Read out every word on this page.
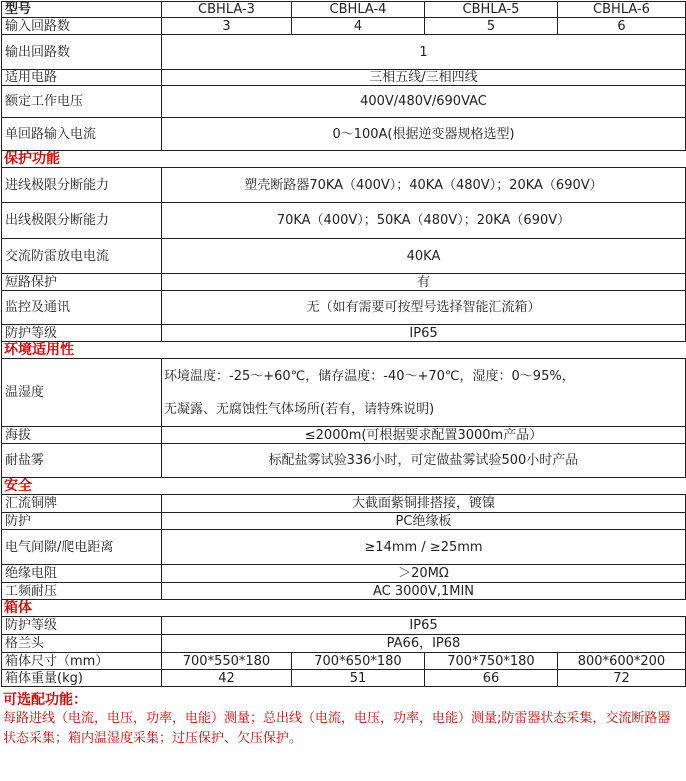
型号	CBHLA-3	CBHLA-4	CBHLA-5	CBHLA-6
输入回路数	3	4	5	6
输出回路数	1			
适用电路	三相五线/三相四线			
额定工作电压	400V/480V/690VAC			
单回路输入电流	0～100A(根据逆变器规格选型)			
保护功能				
进线极限分断能力	塑壳断路器70KA（400V）；40KA（480V）；20KA（690V）			
出线极限分断能力	70KA（400V）；50KA（480V）；20KA（690V）			
交流防雷放电电流	40KA			
短路保护	有			
监控及通讯	无（如有需要可按型号选择智能汇流箱）			
防护等级	IP65			
环境适用性				
温湿度	环境温度：-25～+60℃，储存温度：-40～+70℃，湿度：0～95%，
无凝露、无腐蚀性气体场所(若有，请特殊说明)			

海拔	≤2000m(可根据要求配置3000m产品）			
耐盐雾	标配盐雾试验336小时，可定做盐雾试验500小时产品			
安全				
汇流铜牌	大截面紫铜排搭接，镀镍			
防护	PC绝缘板			
电气间隙/爬电距离	≥14mm / ≥25mm			
绝缘电阻	＞20MΩ			
工频耐压	AC 3000V,1MIN			
箱体				
防护等级	IP65			
格兰头	PA66，IP68			
箱体尺寸（mm）	700*550*180	700*650*180	700*750*180	800*600*200
箱体重量(kg)	42	51	66	72
可选配功能：
每路进线（电流，电压，功率，电能）测量；总出线（电流，电压，功率，电能）测量;防雷器状态采集，交流断路器状态采集；箱内温湿度采集；过压保护、欠压保护。
